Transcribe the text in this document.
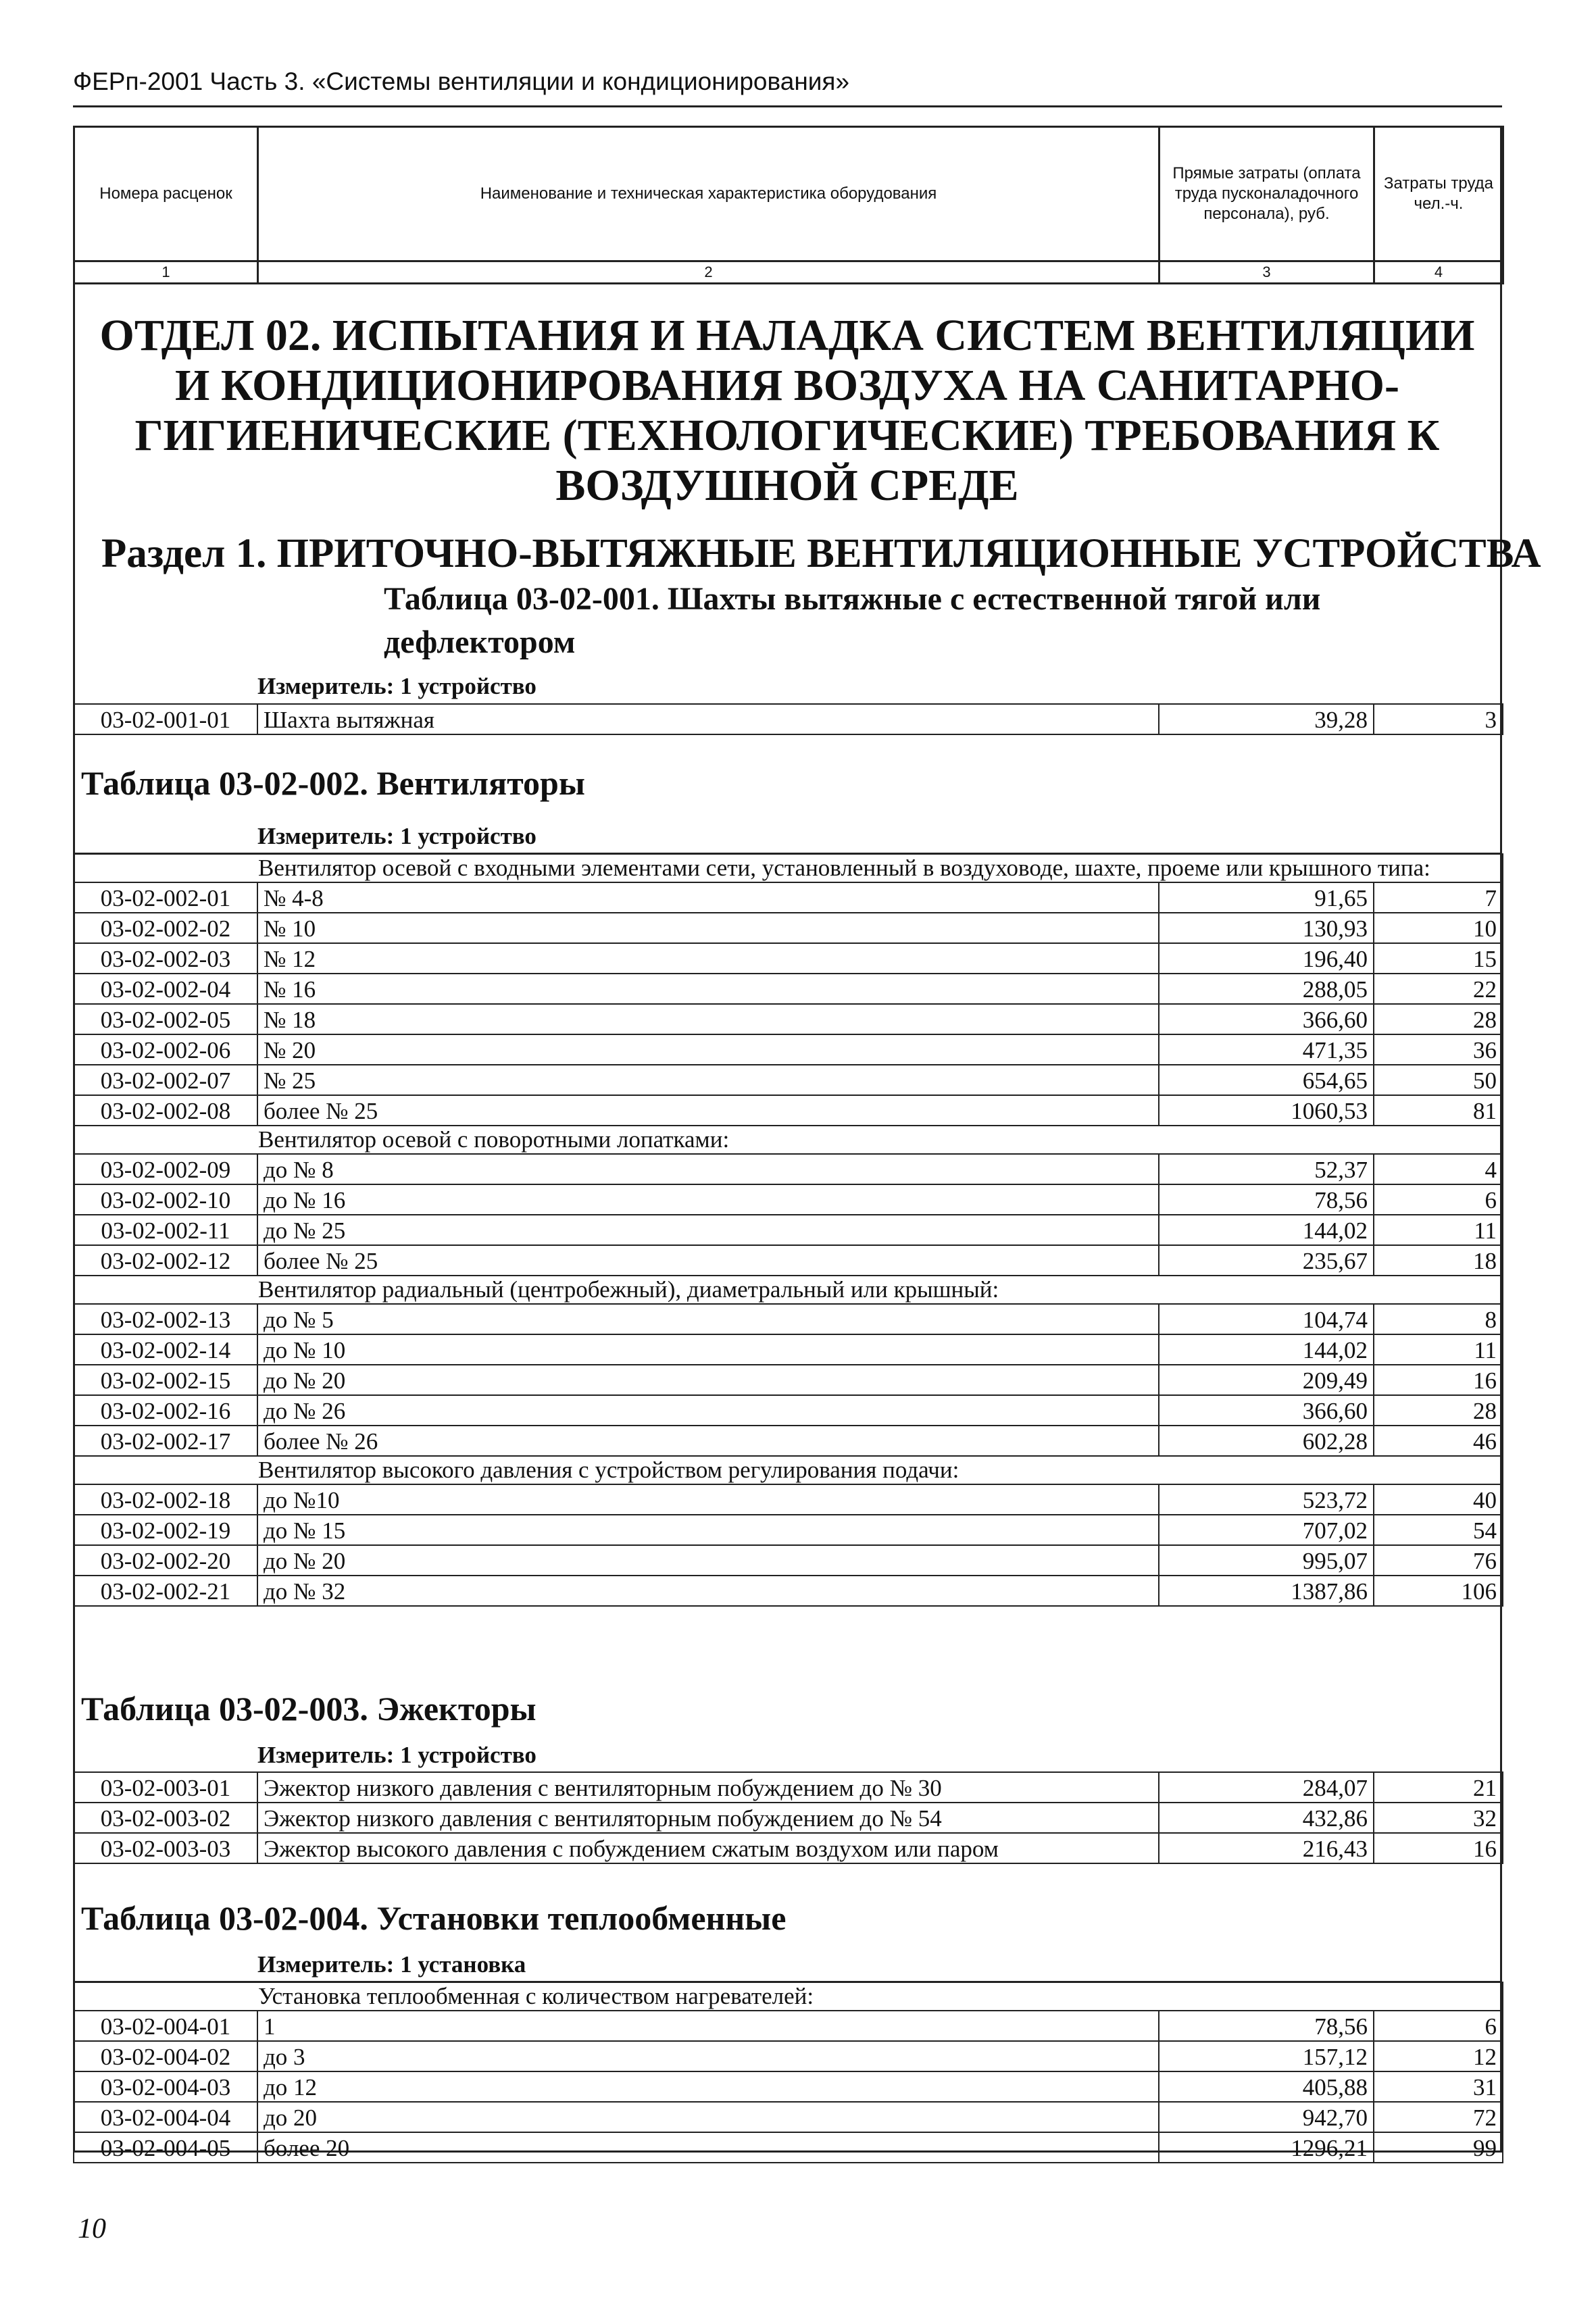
ФЕРп-2001 Часть 3. «Системы вентиляции и кондиционирования»
Номера расценок	Наименование и техническая характеристика оборудования	Прямые затраты (оплата труда пусконаладочного персонала), руб.	Затраты труда чел.-ч.
1	2	3	4
ОТДЕЛ 02. ИСПЫТАНИЯ И НАЛАДКА СИСТЕМ ВЕНТИЛЯЦИИ И КОНДИЦИОНИРОВАНИЯ ВОЗДУХА НА САНИТАРНО-ГИГИЕНИЧЕСКИЕ (ТЕХНОЛОГИЧЕСКИЕ) ТРЕБОВАНИЯ К ВОЗДУШНОЙ СРЕДЕ
Раздел 1. ПРИТОЧНО-ВЫТЯЖНЫЕ ВЕНТИЛЯЦИОННЫЕ УСТРОЙСТВА
Таблица 03-02-001. Шахты вытяжные с естественной тягой или дефлектором
Измеритель: 1 устройство
03-02-001-01	Шахта вытяжная	39,28	3
Таблица 03-02-002. Вентиляторы
Измеритель: 1 устройство
Вентилятор осевой с входными элементами сети, установленный в воздуховоде, шахте, проеме или крышного типа:			
03-02-002-01	№ 4-8	91,65	7
03-02-002-02	№ 10	130,93	10
03-02-002-03	№ 12	196,40	15
03-02-002-04	№ 16	288,05	22
03-02-002-05	№ 18	366,60	28
03-02-002-06	№ 20	471,35	36
03-02-002-07	№ 25	654,65	50
03-02-002-08	более № 25	1060,53	81
Вентилятор осевой с поворотными лопатками:			
03-02-002-09	до № 8	52,37	4
03-02-002-10	до № 16	78,56	6
03-02-002-11	до № 25	144,02	11
03-02-002-12	более № 25	235,67	18
Вентилятор радиальный (центробежный), диаметральный или крышный:			
03-02-002-13	до № 5	104,74	8
03-02-002-14	до № 10	144,02	11
03-02-002-15	до № 20	209,49	16
03-02-002-16	до № 26	366,60	28
03-02-002-17	более № 26	602,28	46
Вентилятор высокого давления с устройством регулирования подачи:			
03-02-002-18	до №10	523,72	40
03-02-002-19	до № 15	707,02	54
03-02-002-20	до № 20	995,07	76
03-02-002-21	до № 32	1387,86	106
Таблица 03-02-003. Эжекторы
Измеритель: 1 устройство
03-02-003-01	Эжектор низкого давления с вентиляторным побуждением до № 30	284,07	21
03-02-003-02	Эжектор низкого давления с вентиляторным побуждением до № 54	432,86	32
03-02-003-03	Эжектор высокого давления с побуждением сжатым воздухом или паром	216,43	16
Таблица 03-02-004. Установки теплообменные
Измеритель: 1 установка
Установка теплообменная с количеством нагревателей:			
03-02-004-01	1	78,56	6
03-02-004-02	до 3	157,12	12
03-02-004-03	до 12	405,88	31
03-02-004-04	до 20	942,70	72
03-02-004-05	более 20	1296,21	99
10
